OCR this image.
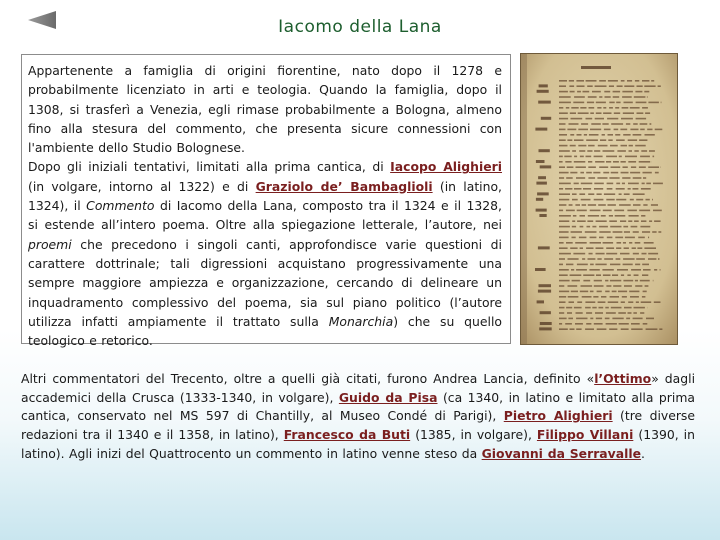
Iacomo della Lana

Appartenente a famiglia di origini fiorentine, nato dopo il 1278 e probabilmente licenziato in arti e teologia. Quando la famiglia, dopo il 1308, si trasferì a Venezia, egli rimase probabilmente a Bologna, almeno fino alla stesura del commento, che presenta sicure connessioni con l'ambiente dello Studio Bolognese.

Dopo gli iniziali tentativi, limitati alla prima cantica, di Iacopo Alighieri (in volgare, intorno al 1322) e di Graziolo de’ Bambaglioli (in latino, 1324), il Commento di Iacomo della Lana, composto tra il 1324 e il 1328, si estende all’intero poema. Oltre alla spiegazione letterale, l’autore, nei proemi che precedono i singoli canti, approfondisce varie questioni di carattere dottrinale; tali digressioni acquistano progressivamente una sempre maggiore ampiezza e organizzazione, cercando di delineare un inquadramento complessivo del poema, sia sul piano politico (l’autore utilizza infatti ampiamente il trattato sulla Monarchia) che su quello teologico e retorico.

Altri commentatori del Trecento, oltre a quelli già citati, furono Andrea Lancia, definito «l’Ottimo» dagli accademici della Crusca (1333-1340, in volgare), Guido da Pisa (ca 1340, in latino e limitato alla prima cantica, conservato nel MS 597 di Chantilly, al Museo Condé di Parigi), Pietro Alighieri (tre diverse redazioni tra il 1340 e il 1358, in latino), Francesco da Buti (1385, in volgare), Filippo Villani (1390, in latino). Agli inizi del Quattrocento un commento in latino venne steso da Giovanni da Serravalle.
